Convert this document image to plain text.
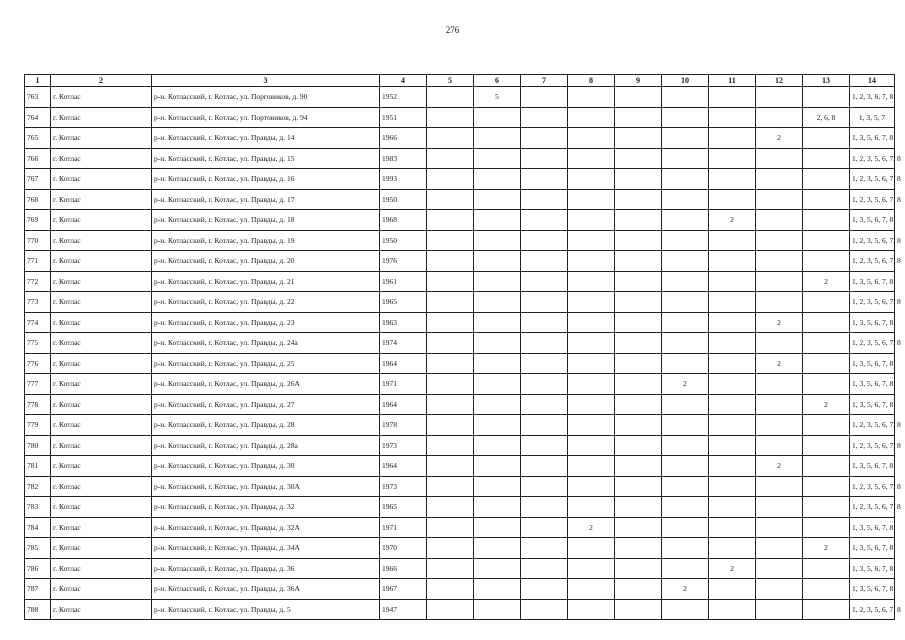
276
1	2	3	4	5	6	7	8	9	10	11	12	13	14
763	г. Котлас	р-н. Котласский, г. Котлас, ул. Порговиков, д. 90	1952		5								1, 2, 3, 6, 7, 8
764	г. Котлас	р-н. Котласский, г. Котлас, ул. Портовиков, д. 94	1951									2, 6, 8	1, 3, 5, 7
765	г. Котлас	р-н. Котласский, г. Котлас, ул. Правды, д. 14	1966								2		1, 3, 5, 6, 7, 8
766	г. Котлас	р-н. Котласский, г. Котлас, ул. Правды, д. 15	1983										1, 2, 3, 5, 6, 7, 8
767	г. Котлас	р-н. Котласский, г. Котлас, ул. Правды, д. 16	1993										1, 2, 3, 5, 6, 7, 8
768	г. Котлас	р-н. Котласский, г. Котлас, ул. Правды, д. 17	1950										1, 2, 3, 5, 6, 7, 8
769	г. Котлас	р-н. Котласский, г. Котлас, ул. Правды, д. 18	1968							2			1, 3, 5, 6, 7, 8
770	г. Котлас	р-н. Котласский, г. Котлас, ул. Правды, д. 19	1950										1, 2, 3, 5, 6, 7, 8
771	г. Котлас	р-н. Котласский, г. Котлас, ул. Правды, д. 20	1976										1, 2, 3, 5, 6, 7, 8
772	г. Котлас	р-н. Котласский, г. Котлас, ул. Правды, д. 21	1961									2	1, 3, 5, 6, 7, 8
773	г. Котлас	р-н. Котласский, г. Котлас, ул. Правды, д. 22	1965										1, 2, 3, 5, 6, 7, 8
774	г. Котлас	р-н. Котласский, г. Котлас, ул. Правды, д. 23	1963								2		1, 3, 5, 6, 7, 8
775	г. Котлас	р-н. Котласский, г. Котлас, ул. Правды, д. 24а	1974										1, 2, 3, 5, 6, 7, 8
776	г. Котлас	р-н. Котласский, г. Котлас, ул. Правды, д. 25	1964								2		1, 3, 5, 6, 7, 8
777	г. Котлас	р-н. Котласский, г. Котлас, ул. Правды, д. 26А	1971						2				1, 3, 5, 6, 7, 8
778	г. Котлас	р-н. Котласский, г. Котлас, ул. Правды, д. 27	1964									2	1, 3, 5, 6, 7, 8
779	г. Котлас	р-н. Котласский, г. Котлас, ул. Правды, д. 28	1978										1, 2, 3, 5, 6, 7, 8
780	г. Котлас	р-н. Котласский, г. Котлас, ул. Правды, д. 28а	1973										1, 2, 3, 5, 6, 7, 8
781	г. Котлас	р-н. Котласский, г. Котлас, ул. Правды, д. 30	1964								2		1, 3, 5, 6, 7, 8
782	г. Котлас	р-н. Котласский, г. Котлас, ул. Правды, д. 30А	1973										1, 2, 3, 5, 6, 7, 8
783	г. Котлас	р-н. Котласский, г. Котлас, ул. Правды, д. 32	1965										1, 2, 3, 5, 6, 7, 8
784	г. Котлас	р-н. Котласский, г. Котлас, ул. Правды, д. 32А	1971				2						1, 3, 5, 6, 7, 8
785	г. Котлас	р-н. Котласский, г. Котлас, ул. Правды, д. 34А	1970									2	1, 3, 5, 6, 7, 8
786	г. Котлас	р-н. Котласский, г. Котлас, ул. Правды, д. 36	1966							2			1, 3, 5, 6, 7, 8
787	г. Котлас	р-н. Котласский, г. Котлас, ул. Правды, д. 36А	1967						2				1, 3, 5, 6, 7, 8
788	г. Котлас	р-н. Котласский, г. Котлас, ул. Правды, д. 5	1947										1, 2, 3, 5, 6, 7, 8
